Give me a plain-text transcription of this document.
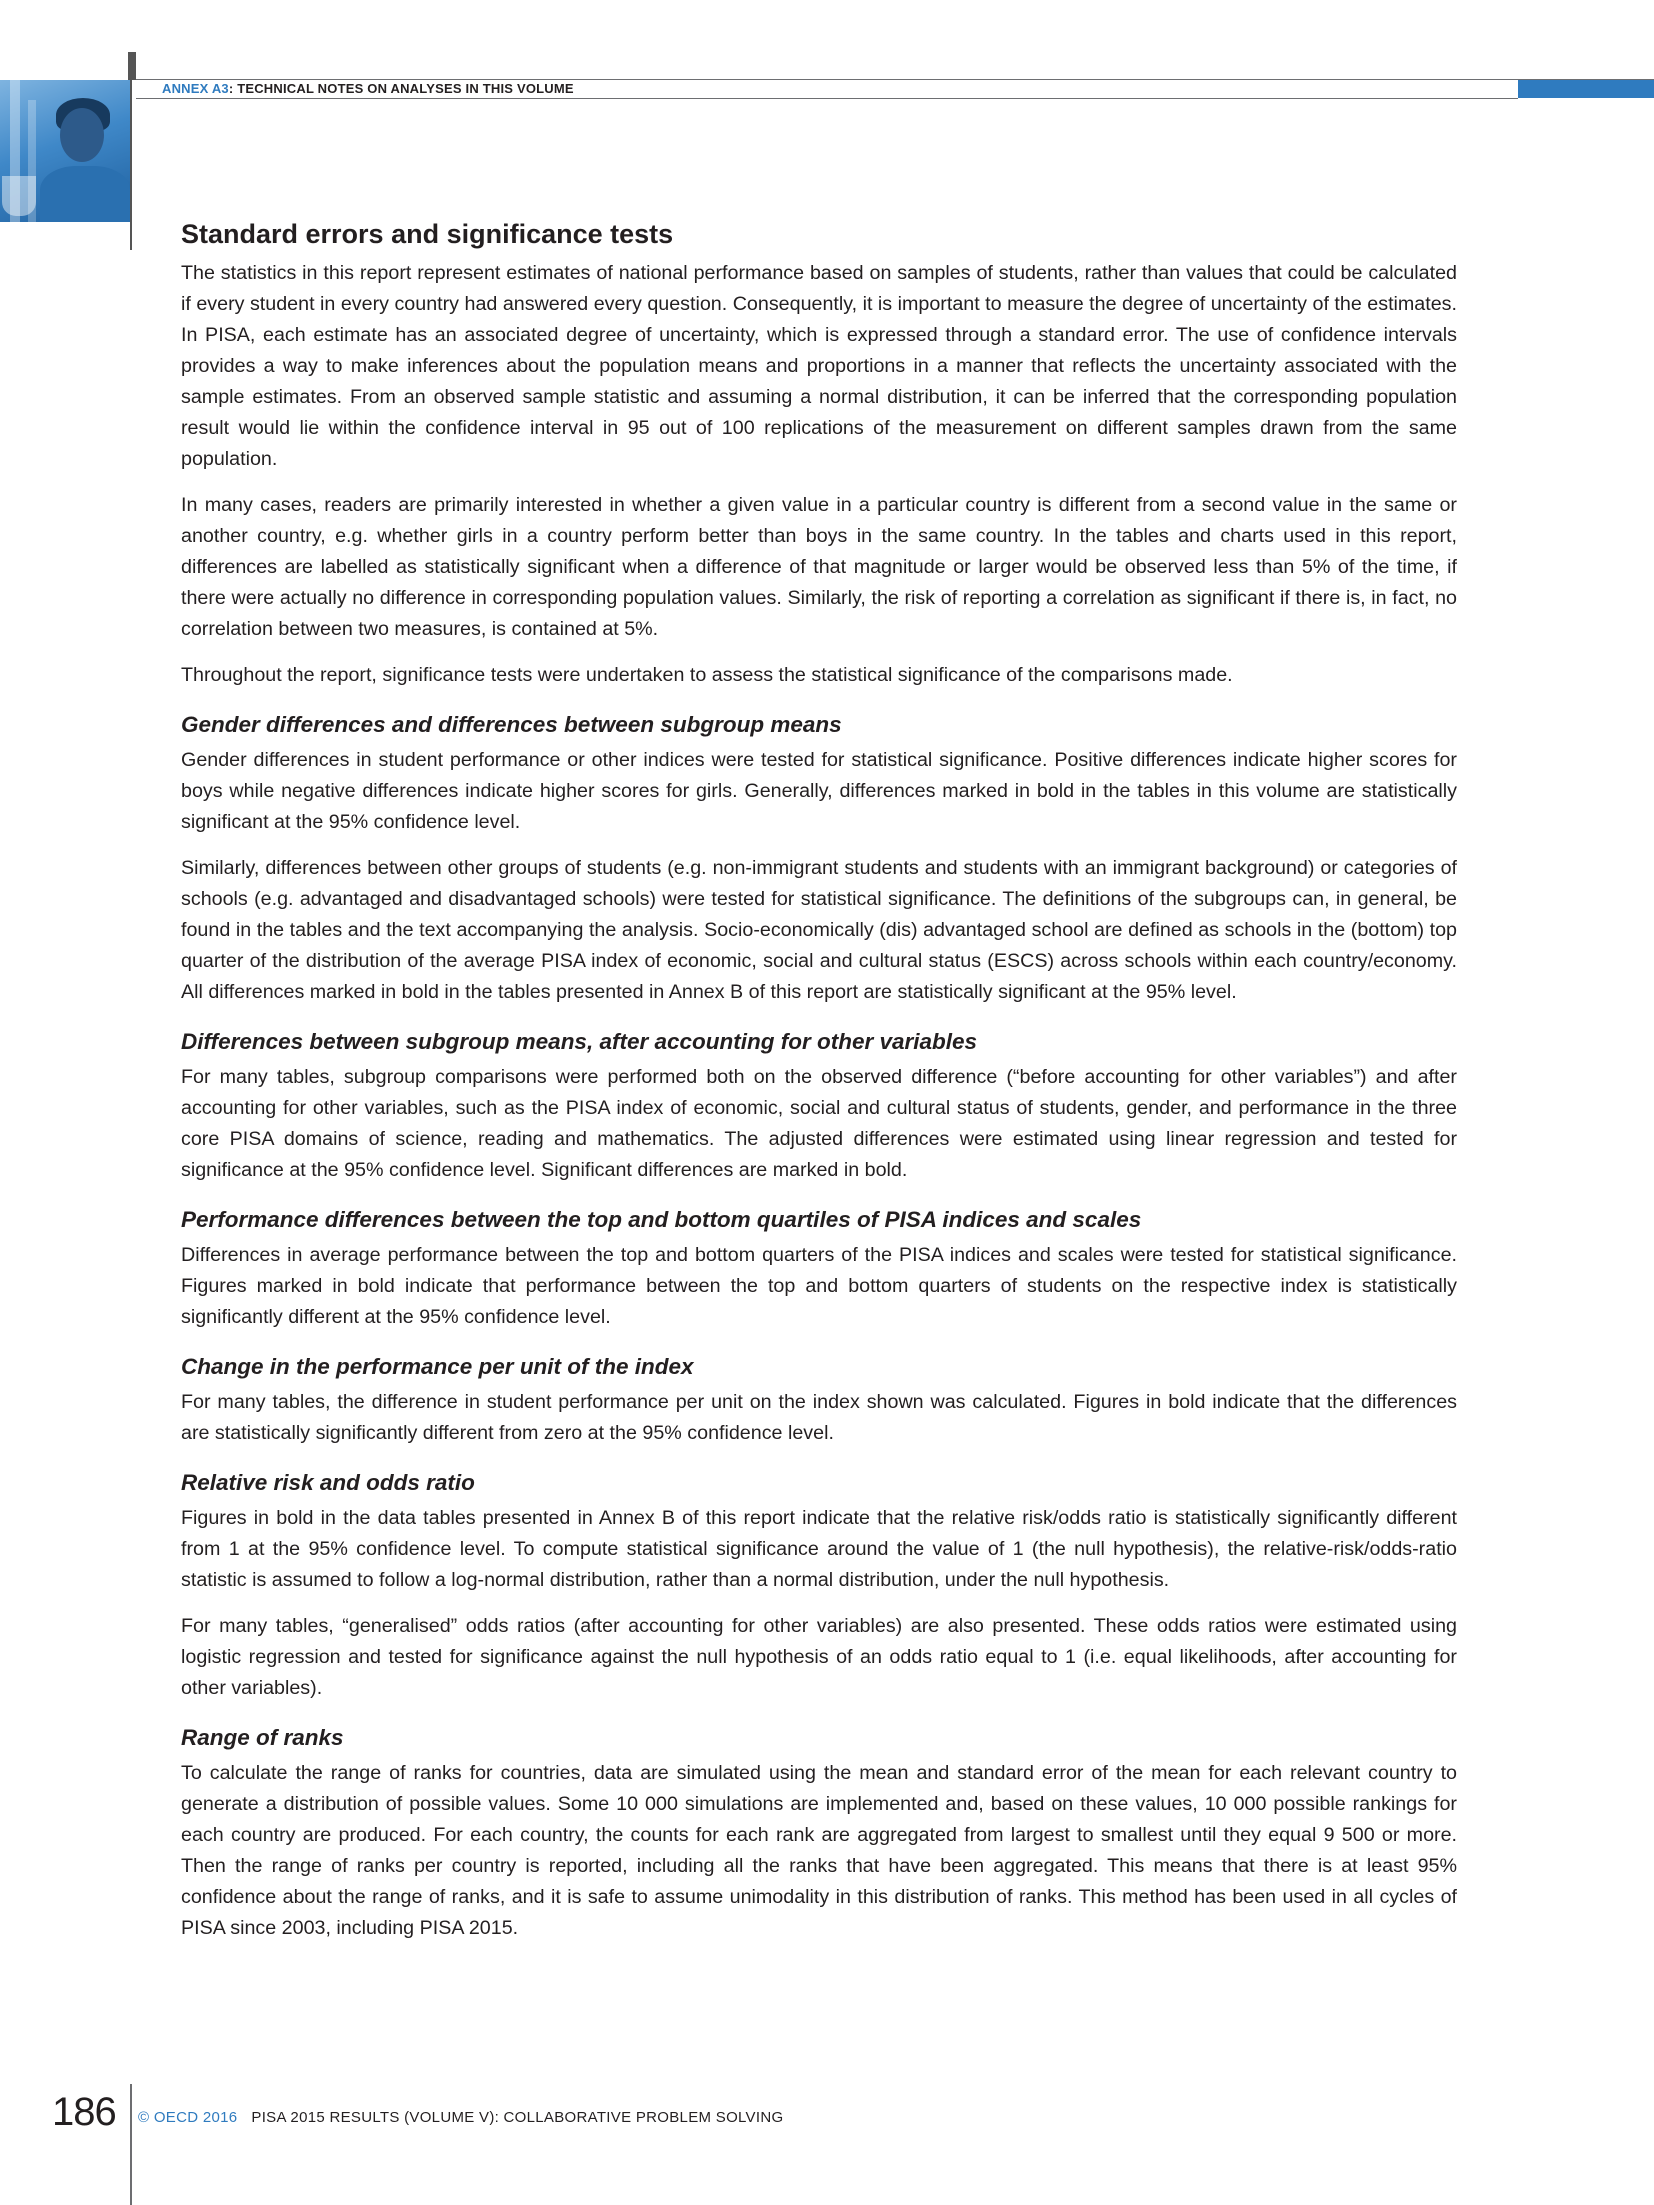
ANNEX A3: TECHNICAL NOTES ON ANALYSES IN THIS VOLUME
Standard errors and significance tests

The statistics in this report represent estimates of national performance based on samples of students, rather than values that could be calculated if every student in every country had answered every question. Consequently, it is important to measure the degree of uncertainty of the estimates. In PISA, each estimate has an associated degree of uncertainty, which is expressed through a standard error. The use of confidence intervals provides a way to make inferences about the population means and proportions in a manner that reflects the uncertainty associated with the sample estimates. From an observed sample statistic and assuming a normal distribution, it can be inferred that the corresponding population result would lie within the confidence interval in 95 out of 100 replications of the measurement on different samples drawn from the same population.

In many cases, readers are primarily interested in whether a given value in a particular country is different from a second value in the same or another country, e.g. whether girls in a country perform better than boys in the same country. In the tables and charts used in this report, differences are labelled as statistically significant when a difference of that magnitude or larger would be observed less than 5% of the time, if there were actually no difference in corresponding population values. Similarly, the risk of reporting a correlation as significant if there is, in fact, no correlation between two measures, is contained at 5%.

Throughout the report, significance tests were undertaken to assess the statistical significance of the comparisons made.

Gender differences and differences between subgroup means

Gender differences in student performance or other indices were tested for statistical significance. Positive differences indicate higher scores for boys while negative differences indicate higher scores for girls. Generally, differences marked in bold in the tables in this volume are statistically significant at the 95% confidence level.

Similarly, differences between other groups of students (e.g. non-immigrant students and students with an immigrant background) or categories of schools (e.g. advantaged and disadvantaged schools) were tested for statistical significance. The definitions of the subgroups can, in general, be found in the tables and the text accompanying the analysis. Socio-economically (dis) advantaged school are defined as schools in the (bottom) top quarter of the distribution of the average PISA index of economic, social and cultural status (ESCS) across schools within each country/economy. All differences marked in bold in the tables presented in Annex B of this report are statistically significant at the 95% level.

Differences between subgroup means, after accounting for other variables

For many tables, subgroup comparisons were performed both on the observed difference (“before accounting for other variables”) and after accounting for other variables, such as the PISA index of economic, social and cultural status of students, gender, and performance in the three core PISA domains of science, reading and mathematics. The adjusted differences were estimated using linear regression and tested for significance at the 95% confidence level. Significant differences are marked in bold.

Performance differences between the top and bottom quartiles of PISA indices and scales

Differences in average performance between the top and bottom quarters of the PISA indices and scales were tested for statistical significance. Figures marked in bold indicate that performance between the top and bottom quarters of students on the respective index is statistically significantly different at the 95% confidence level.

Change in the performance per unit of the index

For many tables, the difference in student performance per unit on the index shown was calculated. Figures in bold indicate that the differences are statistically significantly different from zero at the 95% confidence level.

Relative risk and odds ratio

Figures in bold in the data tables presented in Annex B of this report indicate that the relative risk/odds ratio is statistically significantly different from 1 at the 95% confidence level. To compute statistical significance around the value of 1 (the null hypothesis), the relative-risk/odds-ratio statistic is assumed to follow a log-normal distribution, rather than a normal distribution, under the null hypothesis.

For many tables, “generalised” odds ratios (after accounting for other variables) are also presented. These odds ratios were estimated using logistic regression and tested for significance against the null hypothesis of an odds ratio equal to 1 (i.e. equal likelihoods, after accounting for other variables).

Range of ranks

To calculate the range of ranks for countries, data are simulated using the mean and standard error of the mean for each relevant country to generate a distribution of possible values. Some 10 000 simulations are implemented and, based on these values, 10 000 possible rankings for each country are produced. For each country, the counts for each rank are aggregated from largest to smallest until they equal 9 500 or more. Then the range of ranks per country is reported, including all the ranks that have been aggregated. This means that there is at least 95% confidence about the range of ranks, and it is safe to assume unimodality in this distribution of ranks. This method has been used in all cycles of PISA since 2003, including PISA 2015.

186 © OECD 2016 PISA 2015 RESULTS (VOLUME V): COLLABORATIVE PROBLEM SOLVING
